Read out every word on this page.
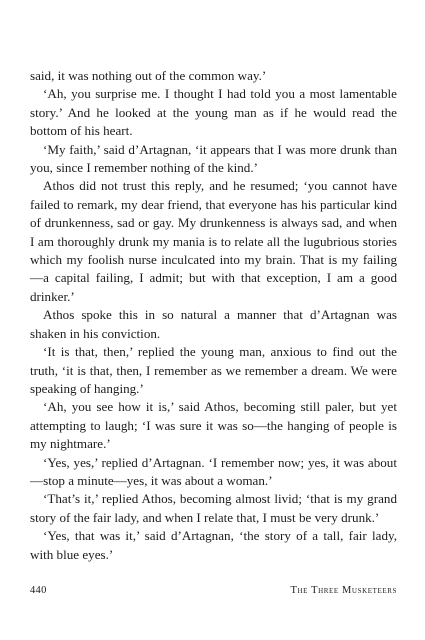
said, it was nothing out of the common way.’

‘Ah, you surprise me. I thought I had told you a most lamentable story.’ And he looked at the young man as if he would read the bottom of his heart.

‘My faith,’ said d’Artagnan, ‘it appears that I was more drunk than you, since I remember nothing of the kind.’

Athos did not trust this reply, and he resumed; ‘you cannot have failed to remark, my dear friend, that everyone has his particular kind of drunkenness, sad or gay. My drunkenness is always sad, and when I am thoroughly drunk my mania is to relate all the lugubrious stories which my foolish nurse inculcated into my brain. That is my failing—a capital failing, I admit; but with that exception, I am a good drinker.’

Athos spoke this in so natural a manner that d’Artagnan was shaken in his conviction.

‘It is that, then,’ replied the young man, anxious to find out the truth, ‘it is that, then, I remember as we remember a dream. We were speaking of hanging.’

‘Ah, you see how it is,’ said Athos, becoming still paler, but yet attempting to laugh; ‘I was sure it was so—the hanging of people is my nightmare.’

‘Yes, yes,’ replied d’Artagnan. ‘I remember now; yes, it was about—stop a minute—yes, it was about a woman.’

‘That’s it,’ replied Athos, becoming almost livid; ‘that is my grand story of the fair lady, and when I relate that, I must be very drunk.’

‘Yes, that was it,’ said d’Artagnan, ‘the story of a tall, fair lady, with blue eyes.’

440	The Three Musketeers
